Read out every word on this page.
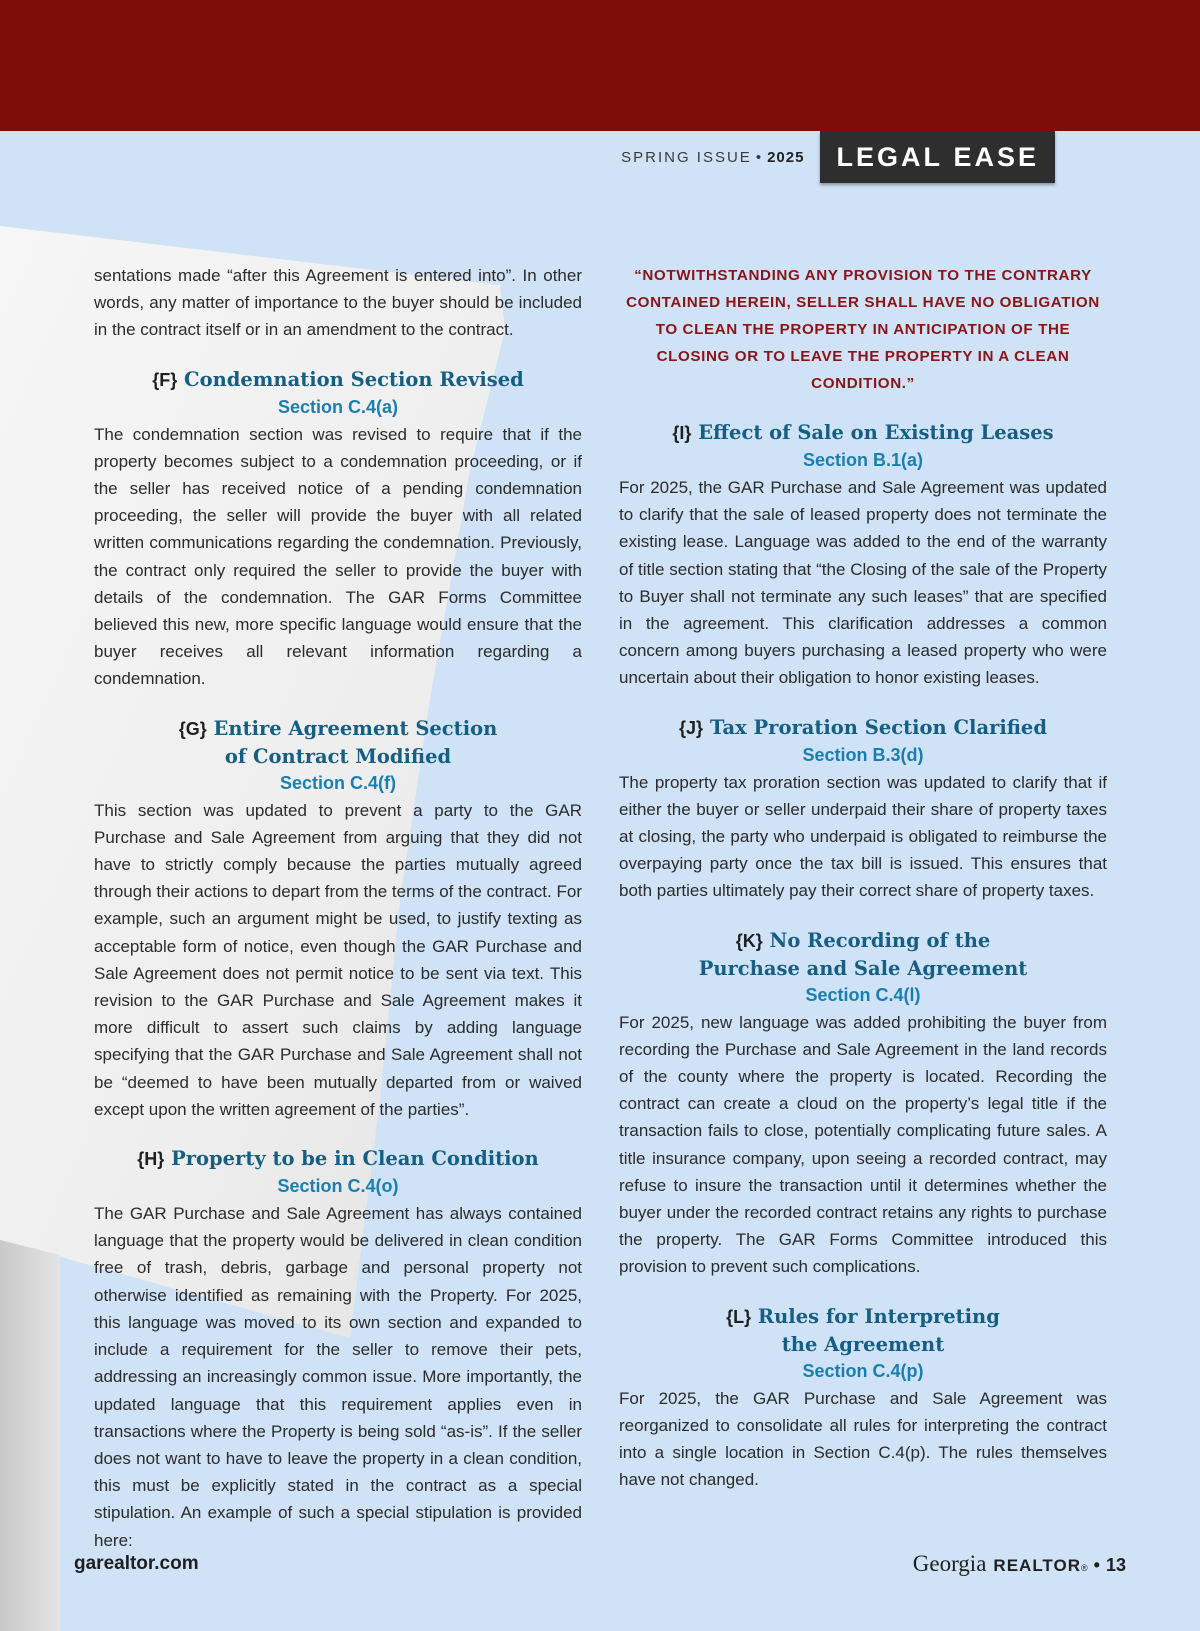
SPRING ISSUE • 2025 LEGAL
EASE

sentations made “after this Agreement is entered into”. In other words, any matter of importance to the buyer should be included in the contract itself or in an amendment to the contract.

{F} Condemnation Section Revised
Section C.4(a)

The condemnation section was revised to require that if the property becomes subject to a condemnation proceeding, or if the seller has received notice of a pending condemnation proceeding, the seller will provide the buyer with all related written communications regarding the condemnation. Previously, the contract only required the seller to provide the buyer with details of the condemnation. The GAR Forms Committee believed this new, more specific language would ensure that the buyer receives all relevant information regarding a condemnation.

{G} Entire Agreement Section
of Contract Modified
Section C.4(f)

This section was updated to prevent a party to the GAR Purchase and Sale Agreement from arguing that they did not have to strictly comply because the parties mutually agreed through their actions to depart from the terms of the contract. For example, such an argument might be used, to justify texting as acceptable form of notice, even though the GAR Purchase and Sale Agreement does not permit notice to be sent via text. This revision to the GAR Purchase and Sale Agreement makes it more difficult to assert such claims by adding language specifying that the GAR Purchase and Sale Agreement shall not be “deemed to have been mutually departed from or waived except upon the written agreement of the parties”.

{H} Property to be in Clean Condition
Section C.4(o)

The GAR Purchase and Sale Agreement has always contained language that the property would be delivered in clean condition free of trash, debris, garbage and personal property not otherwise identified as remaining with the Property. For 2025, this language was moved to its own section and expanded to include a requirement for the seller to remove their pets, addressing an increasingly common issue. More importantly, the updated language that this requirement applies even in transactions where the Property is being sold “as-is”. If the seller does not want to have to leave the property in a clean condition, this must be explicitly stated in the contract as a special stipulation. An example of such a special stipulation is provided here:

“NOTWITHSTANDING ANY PROVISION TO THE CONTRARY CONTAINED HEREIN, SELLER SHALL HAVE NO OBLIGATION TO CLEAN THE PROPERTY IN ANTICIPATION OF THE CLOSING OR TO LEAVE THE PROPERTY IN A CLEAN CONDITION.”

{I} Effect of Sale on Existing Leases
Section B.1(a)

For 2025, the GAR Purchase and Sale Agreement was updated to clarify that the sale of leased property does not terminate the existing lease. Language was added to the end of the warranty of title section stating that “the Closing of the sale of the Property to Buyer shall not terminate any such leases” that are specified in the agreement. This clarification addresses a common concern among buyers purchasing a leased property who were uncertain about their obligation to honor existing leases.

{J} Tax Proration Section Clarified
Section B.3(d)

The property tax proration section was updated to clarify that if either the buyer or seller underpaid their share of property taxes at closing, the party who underpaid is obligated to reimburse the overpaying party once the tax bill is issued. This ensures that both parties ultimately pay their correct share of property taxes.

{K} No Recording of the
Purchase and Sale Agreement
Section C.4(l)

For 2025, new language was added prohibiting the buyer from recording the Purchase and Sale Agreement in the land records of the county where the property is located. Recording the contract can create a cloud on the property’s legal title if the transaction fails to close, potentially complicating future sales. A title insurance company, upon seeing a recorded contract, may refuse to insure the transaction until it determines whether the buyer under the recorded contract retains any rights to purchase the property. The GAR Forms Committee introduced this provision to prevent such complications.

{L} Rules for Interpreting
the Agreement
Section C.4(p)

For 2025, the GAR Purchase and Sale Agreement was reorganized to consolidate all rules for interpreting the contract into a single location in Section C.4(p). The rules themselves have not changed.

garealtor.com	Georgia REALTOR ® • 13
